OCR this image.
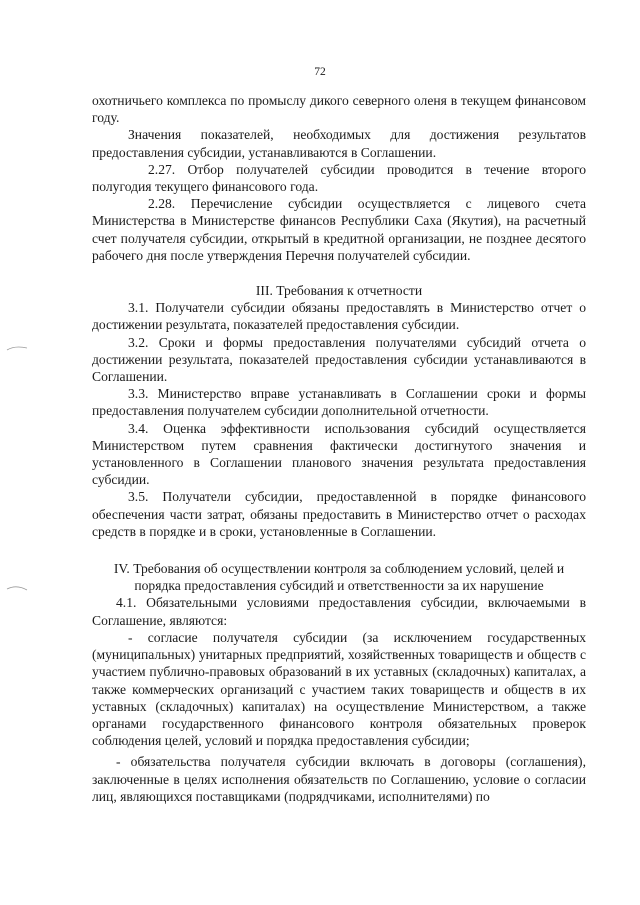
72
охотничьего комплекса по промыслу дикого северного оленя в текущем финансовом году.
Значения показателей, необходимых для достижения результатов предоставления субсидии, устанавливаются в Соглашении.
2.27. Отбор получателей субсидии проводится в течение второго полугодия текущего финансового года.
2.28. Перечисление субсидии осуществляется с лицевого счета Министерства в Министерстве финансов Республики Саха (Якутия), на расчетный счет получателя субсидии, открытый в кредитной организации, не позднее десятого рабочего дня после утверждения Перечня получателей субсидии.
III. Требования к отчетности
3.1. Получатели субсидии обязаны предоставлять в Министерство отчет о достижении результата, показателей предоставления субсидии.
3.2. Сроки и формы предоставления получателями субсидий отчета о достижении результата, показателей предоставления субсидии устанавливаются в Соглашении.
3.3. Министерство вправе устанавливать в Соглашении сроки и формы предоставления получателем субсидии дополнительной отчетности.
3.4. Оценка эффективности использования субсидий осуществляется Министерством путем сравнения фактически достигнутого значения и установленного в Соглашении планового значения результата предоставления субсидии.
3.5. Получатели субсидии, предоставленной в порядке финансового обеспечения части затрат, обязаны предоставить в Министерство отчет о расходах средств в порядке и в сроки, установленные в Соглашении.
IV. Требования об осуществлении контроля за соблюдением условий, целей и порядка предоставления субсидий и ответственности за их нарушение
4.1. Обязательными условиями предоставления субсидии, включаемыми в Соглашение, являются:
- согласие получателя субсидии (за исключением государственных (муниципальных) унитарных предприятий, хозяйственных товариществ и обществ с участием публично-правовых образований в их уставных (складочных) капиталах, а также коммерческих организаций с участием таких товариществ и обществ в их уставных (складочных) капиталах) на осуществление Министерством, а также органами государственного финансового контроля обязательных проверок соблюдения целей, условий и порядка предоставления субсидии;
- обязательства получателя субсидии включать в договоры (соглашения), заключенные в целях исполнения обязательств по Соглашению, условие о согласии лиц, являющихся поставщиками (подрядчиками, исполнителями) по
